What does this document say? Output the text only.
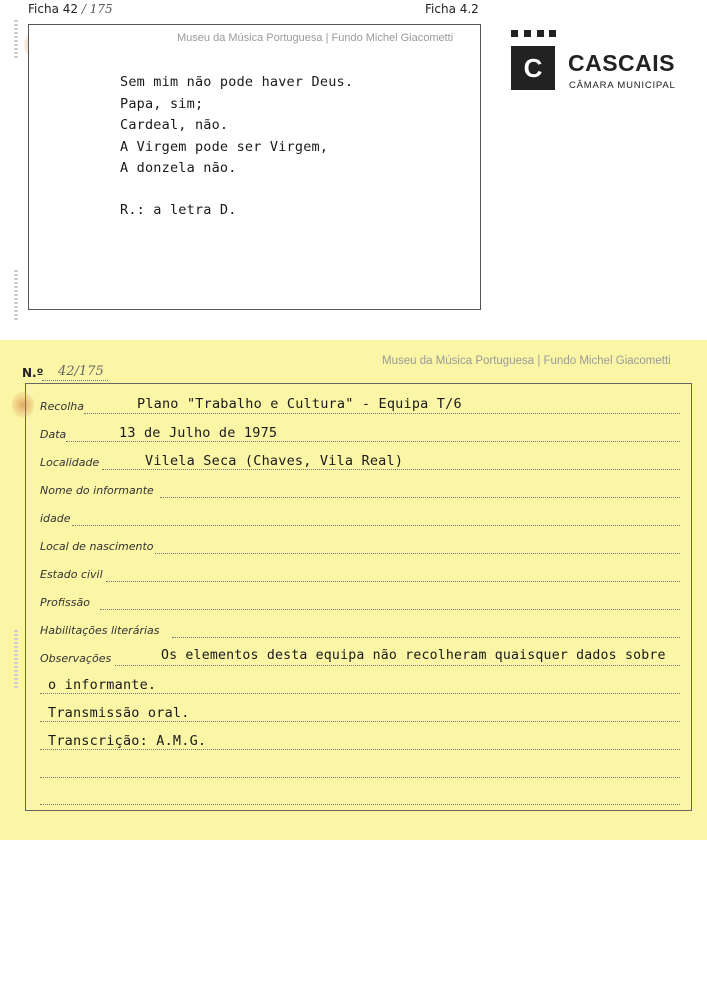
Ficha 42 / 175	Ficha 4.2
Museu da Música Portuguesa | Fundo Michel Giacometti
Sem mim não pode haver Deus.
Papa, sim;
Cardeal, não.
A Virgem pode ser Virgem,
A donzela não.
R.: a letra D.
C	CASCAIS
CÂMARA MUNICIPAL
Museu da Música Portuguesa | Fundo Michel Giacometti
N.º 42/175
Recolha	Plano "Trabalho e Cultura" - Equipa T/6
Data	13 de Julho de 1975
Localidade	Vilela Seca (Chaves, Vila Real)
Nome do informante
idade
Local de nascimento
Estado civil
Profissão
Habilitações literárias
Observações	Os elementos desta equipa não recolheram quaisquer dados sobre
o informante.
Transmissão oral.
Transcrição: A.M.G.
